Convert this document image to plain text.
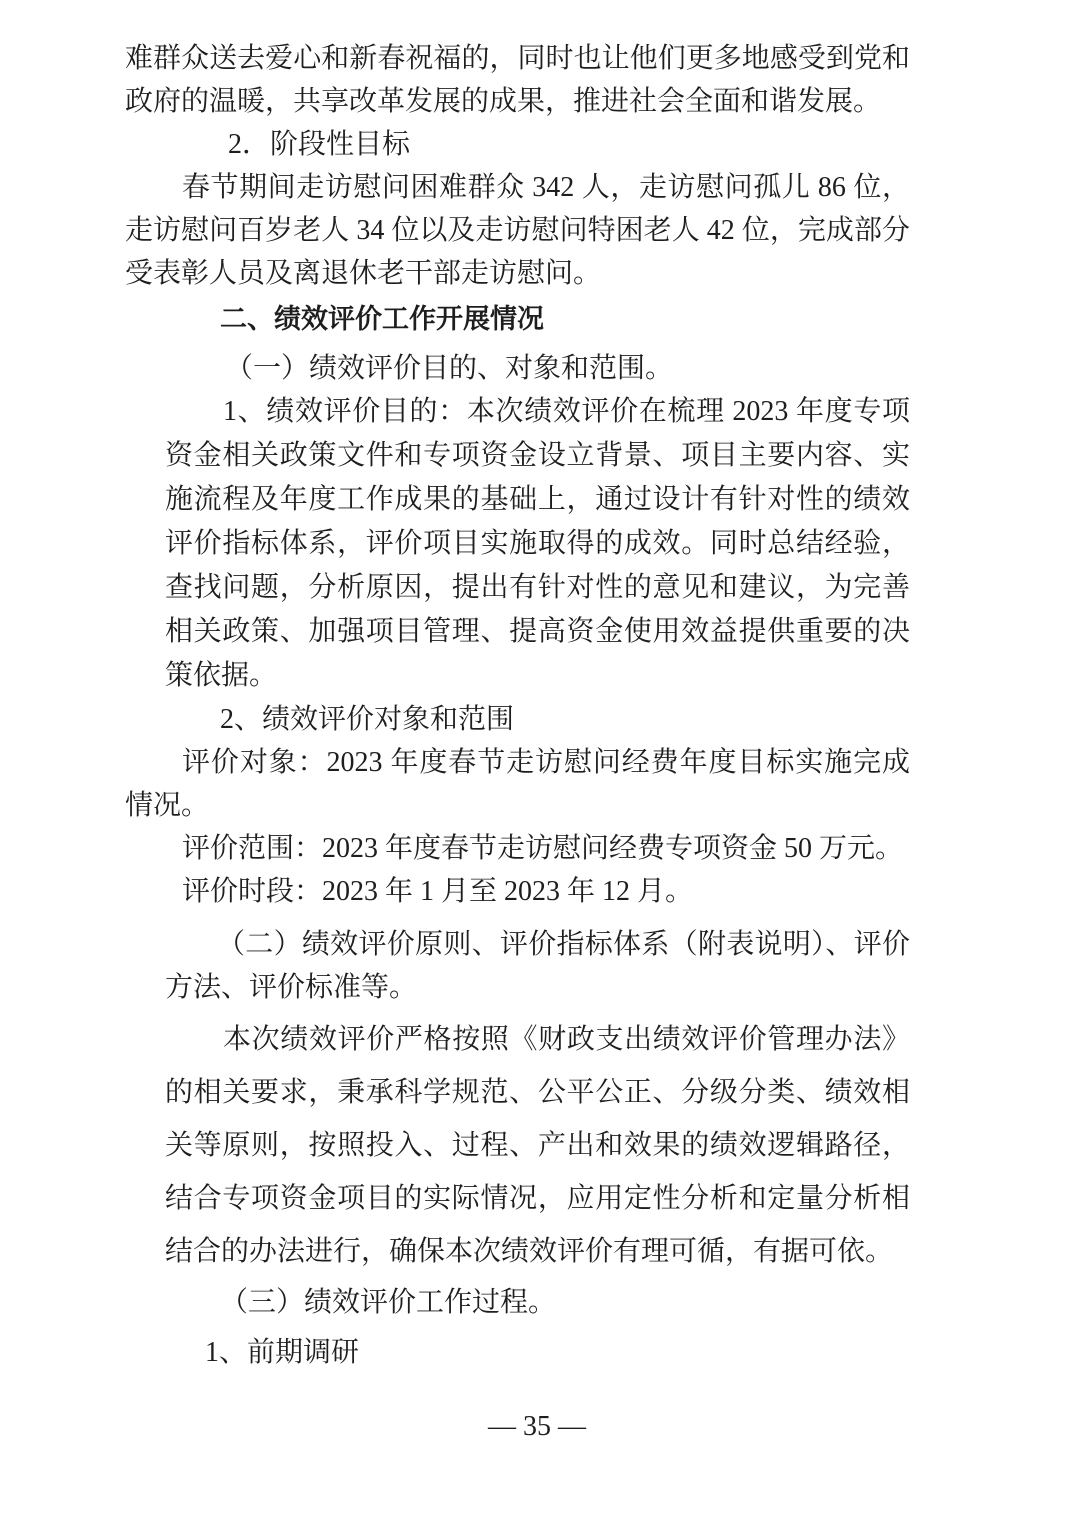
难群众送去爱心和新春祝福的，同时也让他们更多地感受到党和政府的温暖，共享改革发展的成果，推进社会全面和谐发展。

2．阶段性目标

春节期间走访慰问困难群众 342 人，走访慰问孤儿 86 位，走访慰问百岁老人 34 位以及走访慰问特困老人 42 位，完成部分受表彰人员及离退休老干部走访慰问。

二、绩效评价工作开展情况

（一）绩效评价目的、对象和范围。

1、绩效评价目的：本次绩效评价在梳理 2023 年度专项资金相关政策文件和专项资金设立背景、项目主要内容、实施流程及年度工作成果的基础上，通过设计有针对性的绩效评价指标体系，评价项目实施取得的成效。同时总结经验，查找问题，分析原因，提出有针对性的意见和建议，为完善相关政策、加强项目管理、提高资金使用效益提供重要的决策依据。

2、绩效评价对象和范围

评价对象：2023 年度春节走访慰问经费年度目标实施完成情况。

评价范围：2023 年度春节走访慰问经费专项资金 50 万元。

评价时段：2023 年 1 月至 2023 年 12 月。

（二）绩效评价原则、评价指标体系（附表说明）、评价方法、评价标准等。

本次绩效评价严格按照《财政支出绩效评价管理办法》的相关要求，秉承科学规范、公平公正、分级分类、绩效相关等原则，按照投入、过程、产出和效果的绩效逻辑路径，结合专项资金项目的实际情况，应用定性分析和定量分析相结合的办法进行，确保本次绩效评价有理可循，有据可依。

（三）绩效评价工作过程。

1、前期调研

— 35 —
